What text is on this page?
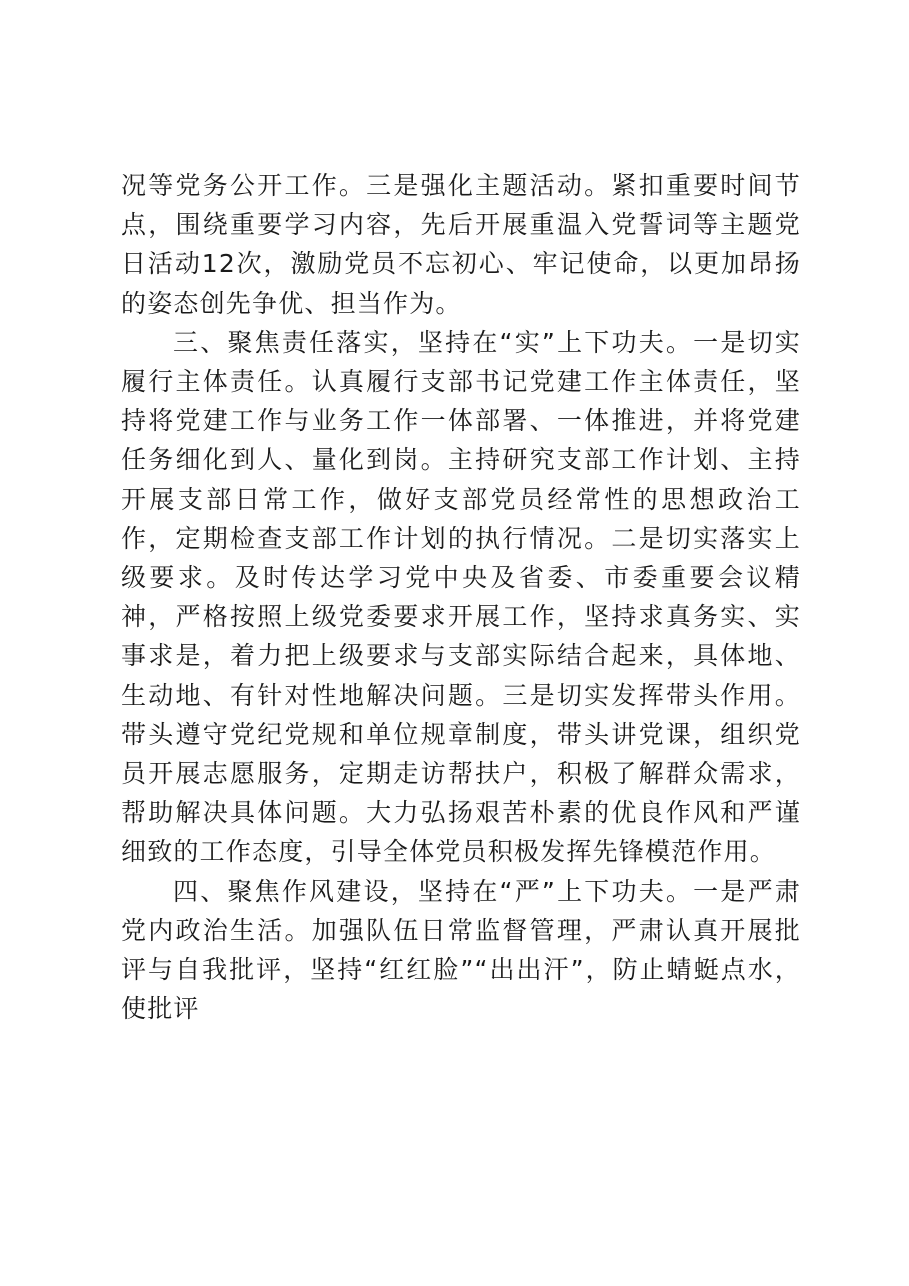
况等党务公开工作。三是强化主题活动。紧扣重要时间节点，围绕重要学习内容，先后开展重温入党誓词等主题党日活动12次，激励党员不忘初心、牢记使命，以更加昂扬的姿态创先争优、担当作为。

三、聚焦责任落实，坚持在“实”上下功夫。一是切实履行主体责任。认真履行支部书记党建工作主体责任，坚持将党建工作与业务工作一体部署、一体推进，并将党建任务细化到人、量化到岗。主持研究支部工作计划、主持开展支部日常工作，做好支部党员经常性的思想政治工作，定期检查支部工作计划的执行情况。二是切实落实上级要求。及时传达学习党中央及省委、市委重要会议精神，严格按照上级党委要求开展工作，坚持求真务实、实事求是，着力把上级要求与支部实际结合起来，具体地、生动地、有针对性地解决问题。三是切实发挥带头作用。带头遵守党纪党规和单位规章制度，带头讲党课，组织党员开展志愿服务，定期走访帮扶户，积极了解群众需求，帮助解决具体问题。大力弘扬艰苦朴素的优良作风和严谨细致的工作态度，引导全体党员积极发挥先锋模范作用。

四、聚焦作风建设，坚持在“严”上下功夫。一是严肃党内政治生活。加强队伍日常监督管理，严肃认真开展批评与自我批评，坚持“红红脸”“出出汗”，防止蜻蜓点水，使批评
